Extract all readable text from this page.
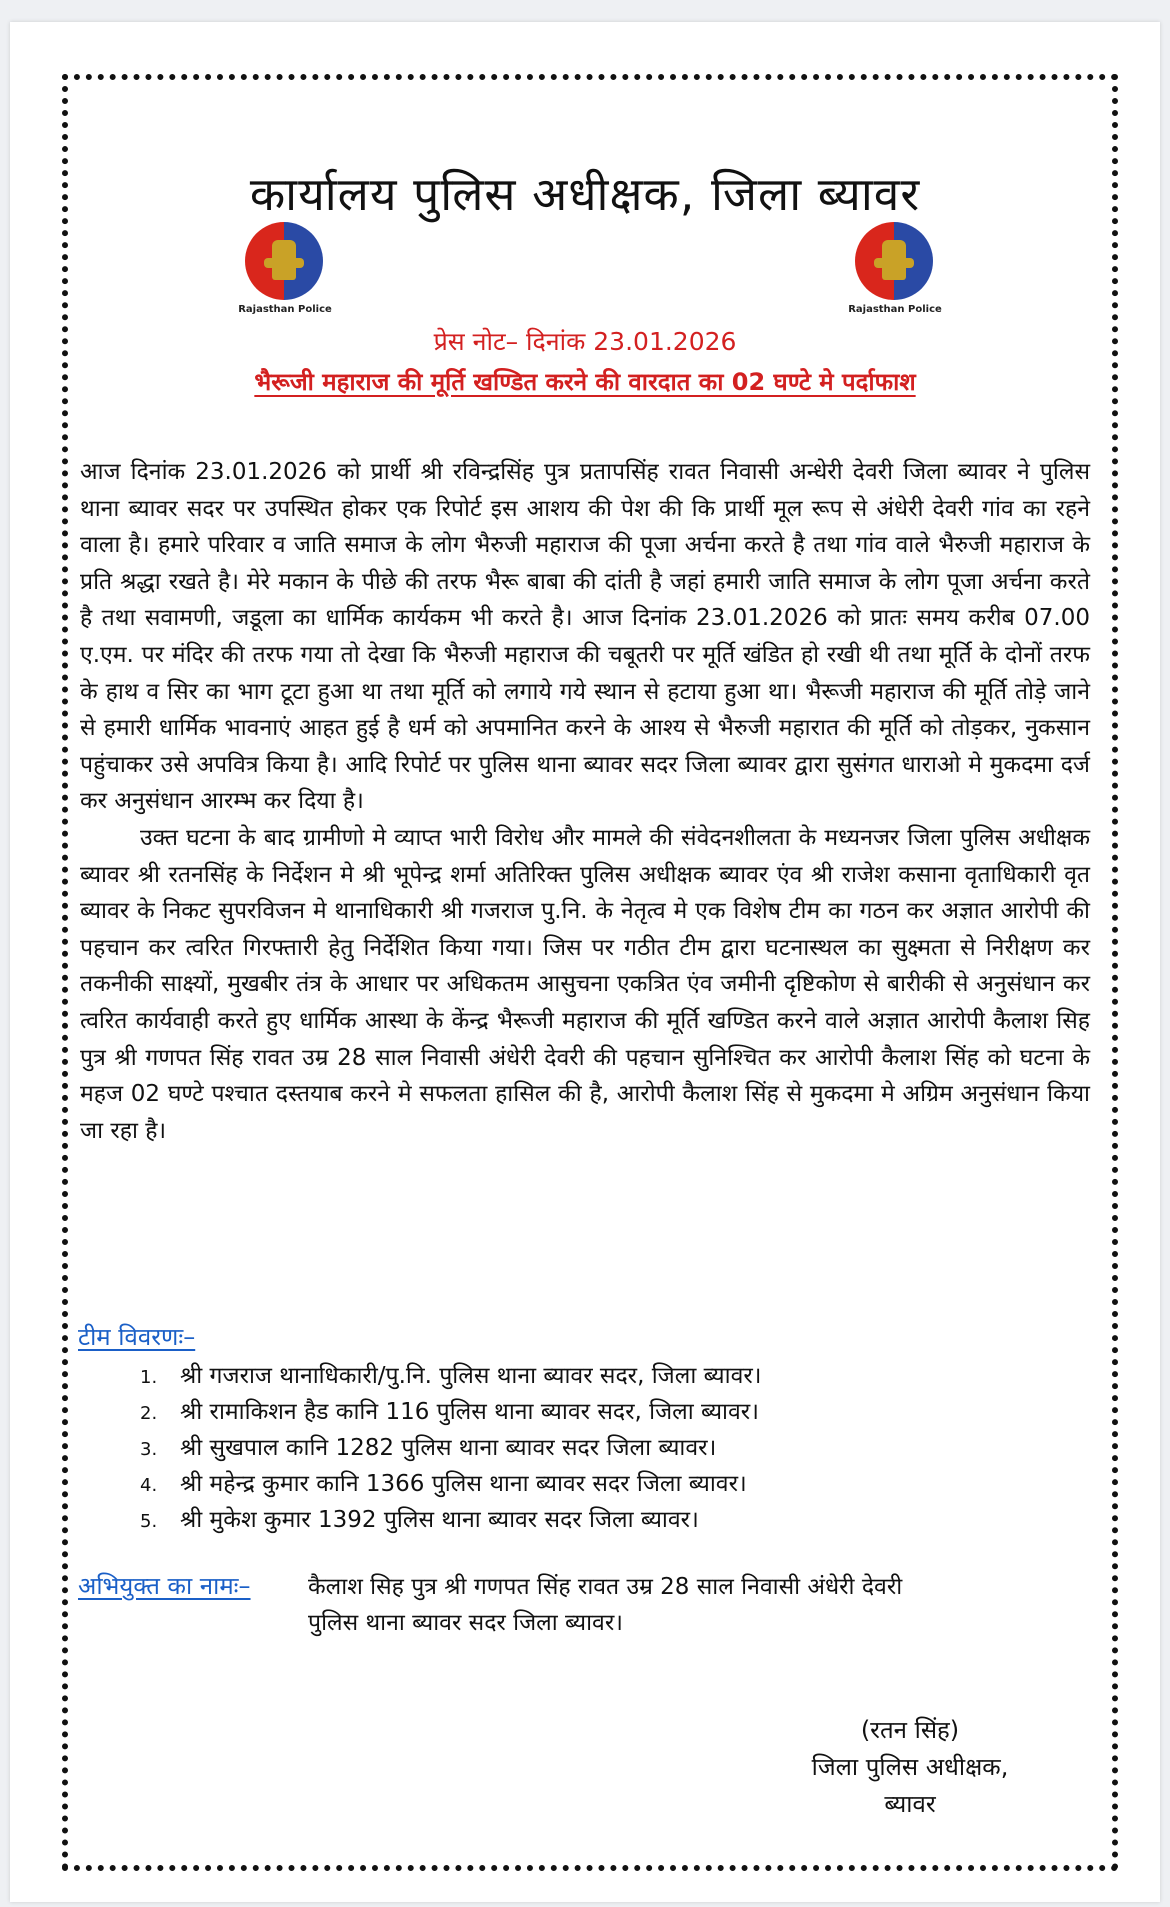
कार्यालय पुलिस अधीक्षक, जिला ब्यावर
Rajasthan Police	Rajasthan Police
प्रेस नोट– दिनांक 23.01.2026
भैरूजी महाराज की मूर्ति खण्डित करने की वारदात का 02 घण्टे मे पर्दाफाश

आज दिनांक 23.01.2026 को प्रार्थी श्री रविन्द्रसिंह पुत्र प्रतापसिंह रावत निवासी अन्धेरी देवरी जिला ब्यावर ने पुलिस थाना ब्यावर सदर पर उपस्थित होकर एक रिपोर्ट इस आशय की पेश की कि प्रार्थी मूल रूप से अंधेरी देवरी गांव का रहने वाला है। हमारे परिवार व जाति समाज के लोग भैरुजी महाराज की पूजा अर्चना करते है तथा गांव वाले भैरुजी महाराज के प्रति श्रद्धा रखते है। मेरे मकान के पीछे की तरफ भैरू बाबा की दांती है जहां हमारी जाति समाज के लोग पूजा अर्चना करते है तथा सवामणी, जडूला का धार्मिक कार्यकम भी करते है। आज दिनांक 23.01.2026 को प्रातः समय करीब 07.00 ए.एम. पर मंदिर की तरफ गया तो देखा कि भैरुजी महाराज की चबूतरी पर मूर्ति खंडित हो रखी थी तथा मूर्ति के दोनों तरफ के हाथ व सिर का भाग टूटा हुआ था तथा मूर्ति को लगाये गये स्थान से हटाया हुआ था। भैरूजी महाराज की मूर्ति तोड़े जाने से हमारी धार्मिक भावनाएं आहत हुई है धर्म को अपमानित करने के आश्य से भैरुजी महारात की मूर्ति को तोड़कर, नुकसान पहुंचाकर उसे अपवित्र किया है। आदि रिपोर्ट पर पुलिस थाना ब्यावर सदर जिला ब्यावर द्वारा सुसंगत धाराओ मे मुकदमा दर्ज कर अनुसंधान आरम्भ कर दिया है।

उक्त घटना के बाद ग्रामीणो मे व्याप्त भारी विरोध और मामले की संवेदनशीलता के मध्यनजर जिला पुलिस अधीक्षक ब्यावर श्री रतनसिंह के निर्देशन मे श्री भूपेन्द्र शर्मा अतिरिक्त पुलिस अधीक्षक ब्यावर एंव श्री राजेश कसाना वृताधिकारी वृत ब्यावर के निकट सुपरविजन मे थानाधिकारी श्री गजराज पु.नि. के नेतृत्व मे एक विशेष टीम का गठन कर अज्ञात आरोपी की पहचान कर त्वरित गिरफ्तारी हेतु निर्देशित किया गया। जिस पर गठीत टीम द्वारा घटनास्थल का सुक्ष्मता से निरीक्षण कर तकनीकी साक्ष्यों, मुखबीर तंत्र के आधार पर अधिकतम आसुचना एकत्रित एंव जमीनी दृष्टिकोण से बारीकी से अनुसंधान कर त्वरित कार्यवाही करते हुए धार्मिक आस्था के केंन्द्र भैरूजी महाराज की मूर्ति खण्डित करने वाले अज्ञात आरोपी कैलाश सिह पुत्र श्री गणपत सिंह रावत उम्र 28 साल निवासी अंधेरी देवरी की पहचान सुनिश्चित कर आरोपी कैलाश सिंह को घटना के महज 02 घण्टे पश्चात दस्तयाब करने मे सफलता हासिल की है, आरोपी कैलाश सिंह से मुकदमा मे अग्रिम अनुसंधान किया जा रहा है।

टीम विवरणः–
1. श्री गजराज थानाधिकारी/पु.नि. पुलिस थाना ब्यावर सदर, जिला ब्यावर।
2. श्री रामाकिशन हैड कानि 116 पुलिस थाना ब्यावर सदर, जिला ब्यावर।
3. श्री सुखपाल कानि 1282 पुलिस थाना ब्यावर सदर जिला ब्यावर।
4. श्री महेन्द्र कुमार कानि 1366 पुलिस थाना ब्यावर सदर जिला ब्यावर।
5. श्री मुकेश कुमार 1392 पुलिस थाना ब्यावर सदर जिला ब्यावर।
अभियुक्त का नामः– कैलाश सिह पुत्र श्री गणपत सिंह रावत उम्र 28 साल निवासी अंधेरी देवरी
पुलिस थाना ब्यावर सदर जिला ब्यावर।
(रतन सिंह)
जिला पुलिस अधीक्षक,
ब्यावर
